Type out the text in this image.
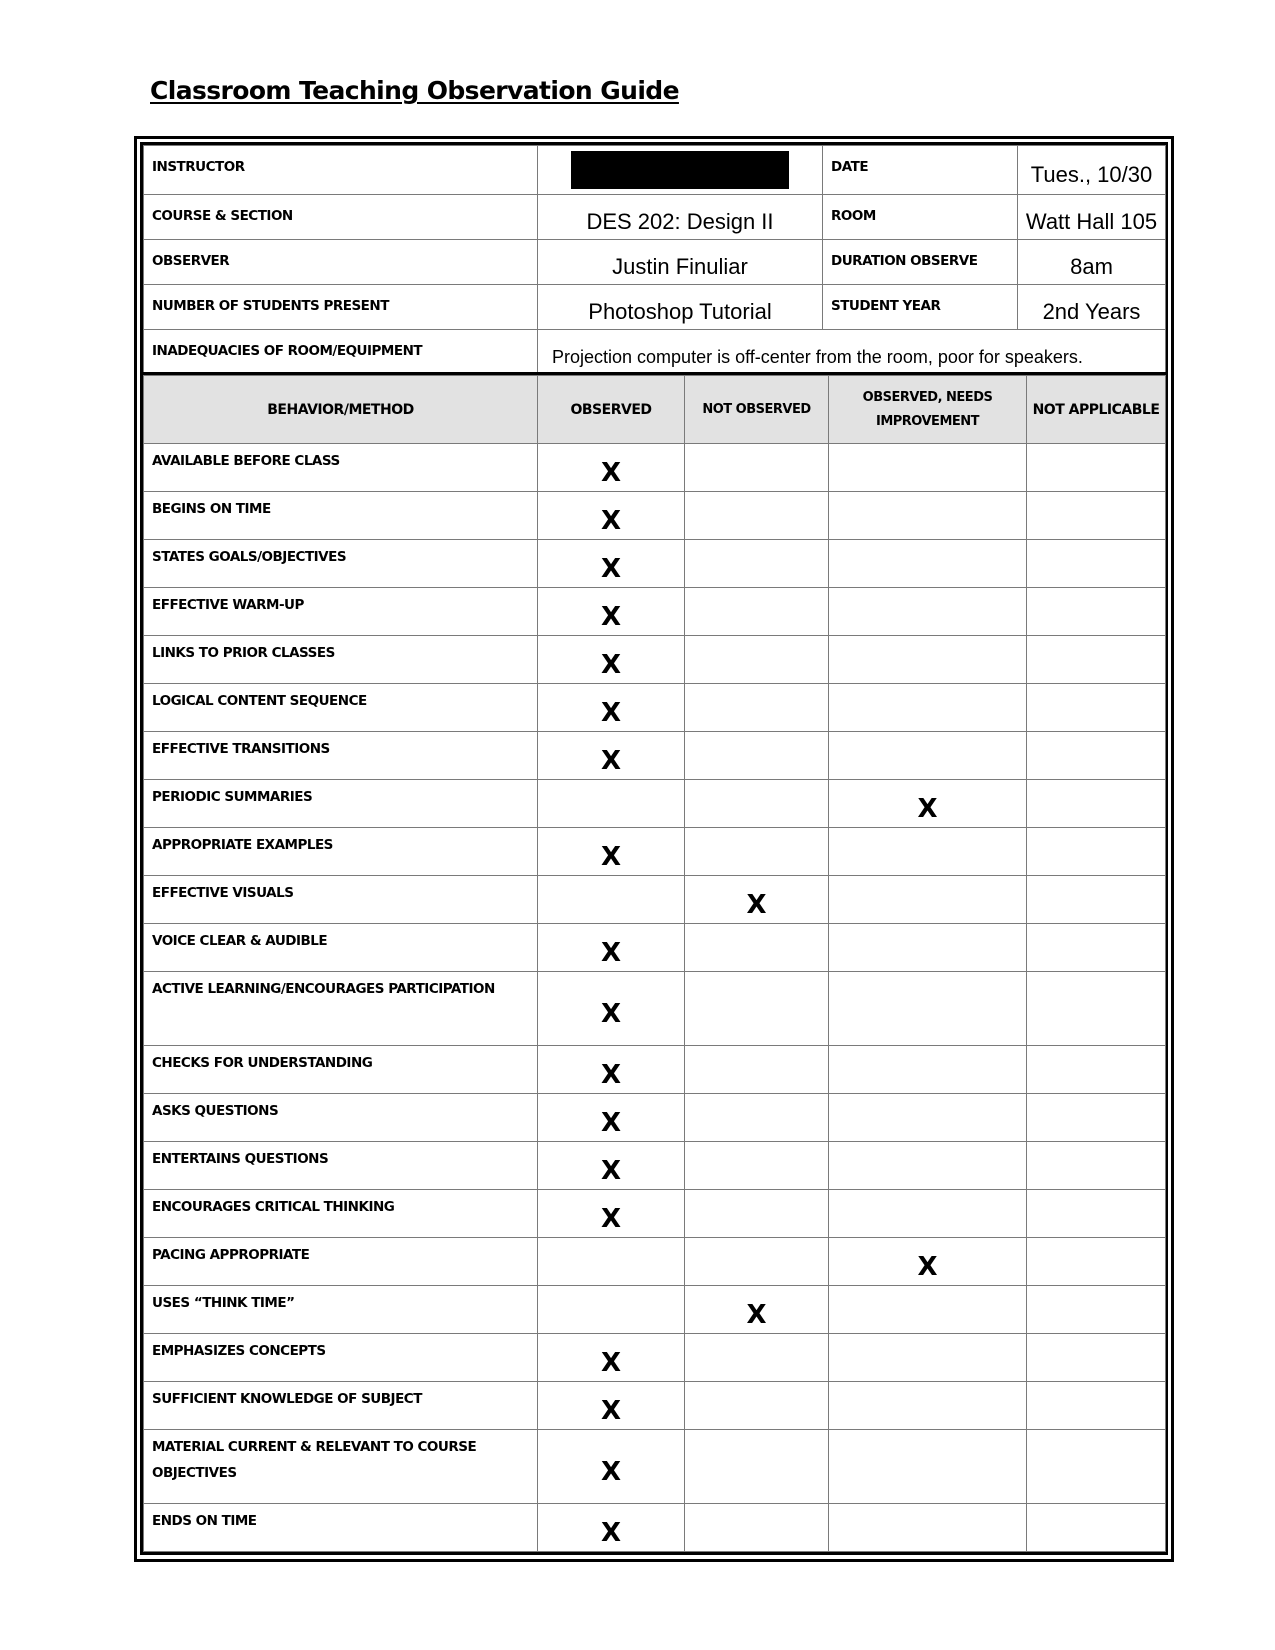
Classroom Teaching Observation Guide
INSTRUCTOR		DATE	Tues., 10/30
COURSE & SECTION	DES 202: Design II	ROOM	Watt Hall 105
OBSERVER	Justin Finuliar	DURATION OBSERVE	8am
NUMBER OF STUDENTS PRESENT	Photoshop Tutorial	STUDENT YEAR	2nd Years
INADEQUACIES OF ROOM/EQUIPMENT	Projection computer is off-center from the room, poor for speakers.		
BEHAVIOR/METHOD	OBSERVED	NOT OBSERVED	OBSERVED, NEEDS IMPROVEMENT	NOT APPLICABLE
AVAILABLE BEFORE CLASS	X			
BEGINS ON TIME	X			
STATES GOALS/OBJECTIVES	X			
EFFECTIVE WARM-UP	X			
LINKS TO PRIOR CLASSES	X			
LOGICAL CONTENT SEQUENCE	X			
EFFECTIVE TRANSITIONS	X			
PERIODIC SUMMARIES			X	
APPROPRIATE EXAMPLES	X			
EFFECTIVE VISUALS		X		
VOICE CLEAR & AUDIBLE	X			
ACTIVE LEARNING/ENCOURAGES PARTICIPATION	X			
CHECKS FOR UNDERSTANDING	X			
ASKS QUESTIONS	X			
ENTERTAINS QUESTIONS	X			
ENCOURAGES CRITICAL THINKING	X			
PACING APPROPRIATE			X	
USES “THINK TIME”		X		
EMPHASIZES CONCEPTS	X			
SUFFICIENT KNOWLEDGE OF SUBJECT	X			
MATERIAL CURRENT & RELEVANT TO COURSE OBJECTIVES	X			
ENDS ON TIME	X			
